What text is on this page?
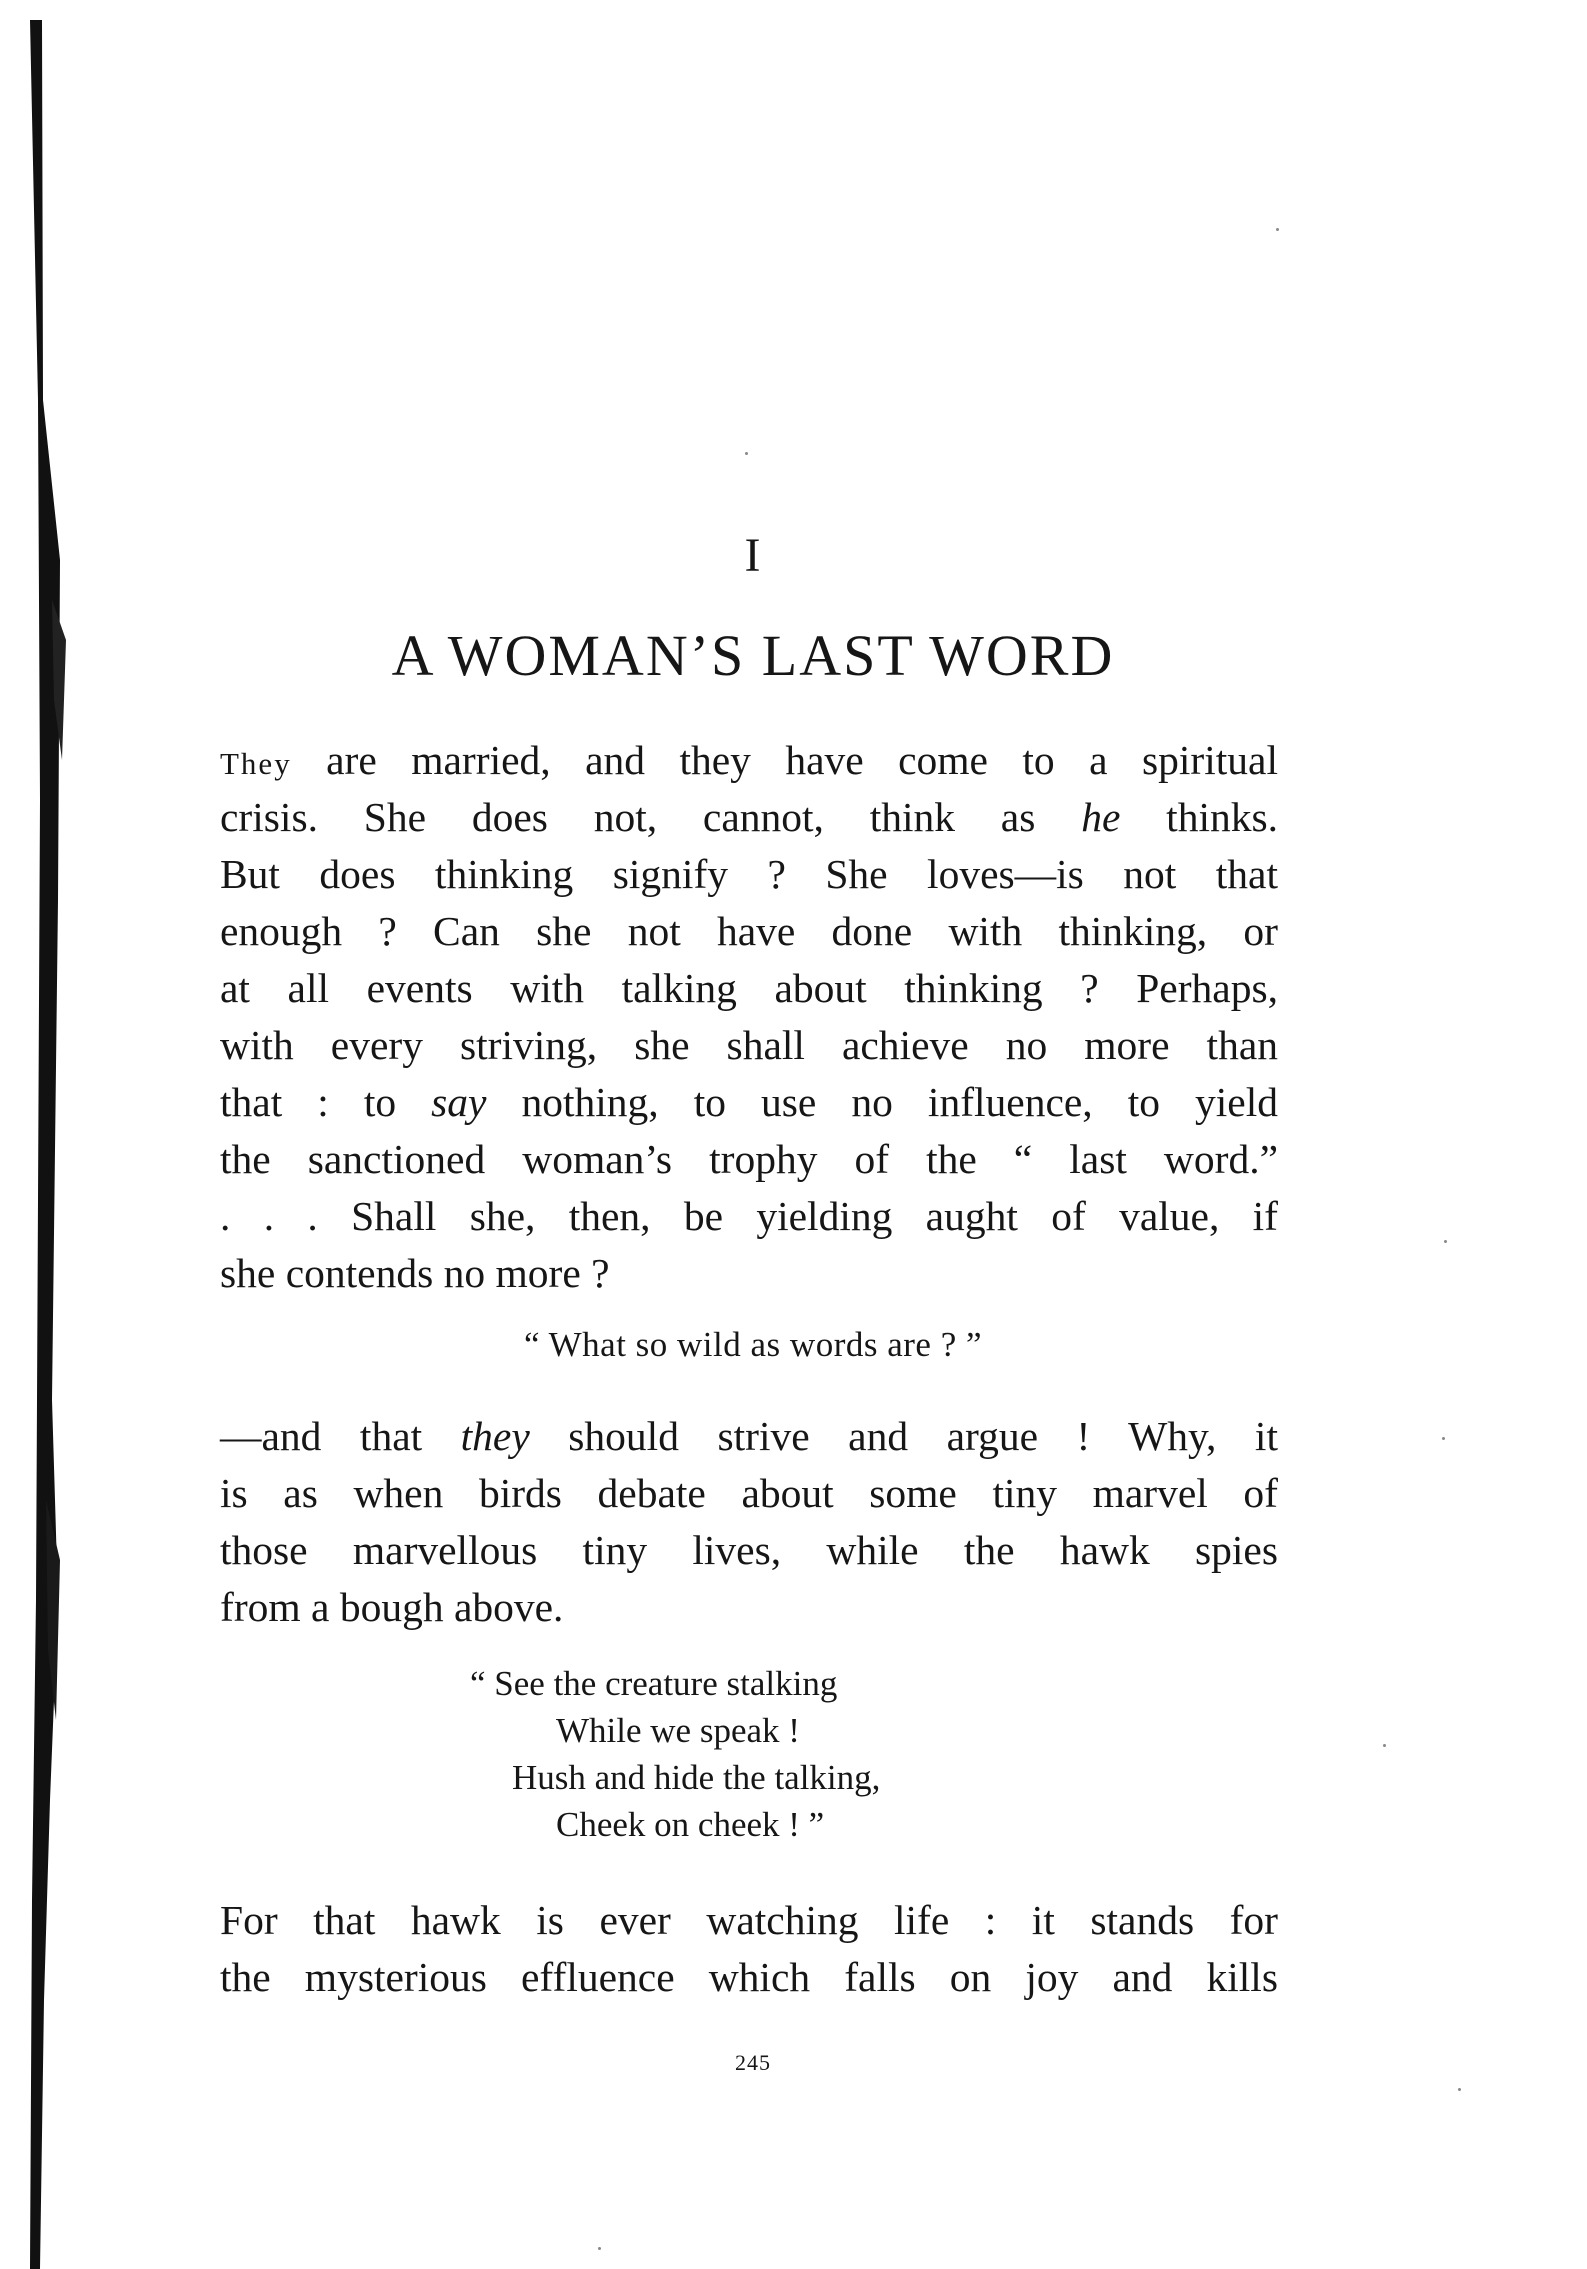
I
A WOMAN’S LAST WORD
They are married, and they have come to a spiritual
crisis. She does not, cannot, think as he thinks.
But does thinking signify ? She loves—is not that
enough ? Can she not have done with thinking, or
at all events with talking about thinking ? Perhaps,
with every striving, she shall achieve no more than
that : to say nothing, to use no influence, to yield
the sanctioned woman’s trophy of the “ last word.”
. . . Shall she, then, be yielding aught of value, if
she contends no more ?
“ What so wild as words are ? ”
—and that they should strive and argue ! Why, it
is as when birds debate about some tiny marvel of
those marvellous tiny lives, while the hawk spies
from a bough above.
“ See the creature stalking
While we speak !
Hush and hide the talking,
Cheek on cheek ! ”
For that hawk is ever watching life : it stands for
the mysterious effluence which falls on joy and kills
245
